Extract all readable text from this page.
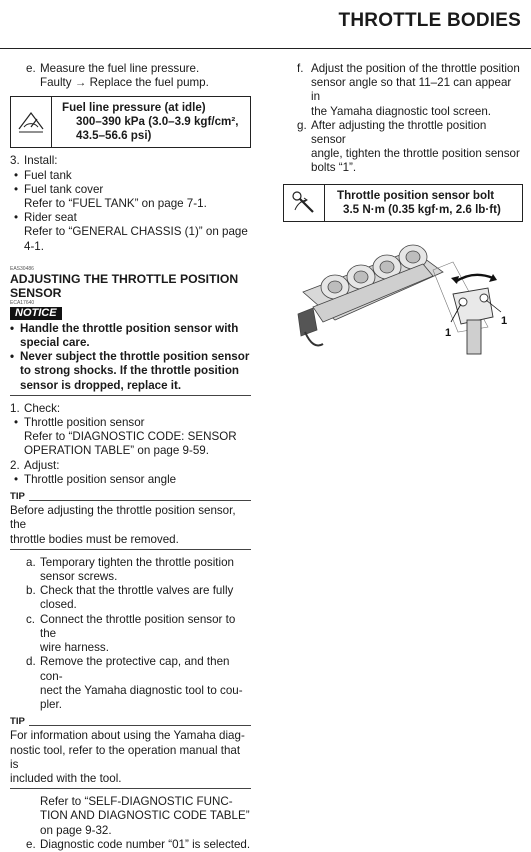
THROTTLE BODIES
e. Measure the fuel line pressure.
Faulty → Replace the fuel pump.
Fuel line pressure (at idle)
300–390 kPa (3.0–3.9 kgf/cm²,
43.5–56.6 psi)
3. Install:
• Fuel tank
• Fuel tank cover
Refer to “FUEL TANK” on page 7-1.
• Rider seat
Refer to “GENERAL CHASSIS (1)” on page
4-1.
EAS30486
ADJUSTING THE THROTTLE POSITION
SENSOR
ECA17640
NOTICE
• Handle the throttle position sensor with
special care.
• Never subject the throttle position sensor
to strong shocks. If the throttle position
sensor is dropped, replace it.
1. Check:
• Throttle position sensor
Refer to “DIAGNOSTIC CODE: SENSOR
OPERATION TABLE” on page 9-59.
2. Adjust:
• Throttle position sensor angle
TIP
Before adjusting the throttle position sensor, the
throttle bodies must be removed.
a. Temporary tighten the throttle position
sensor screws.
b. Check that the throttle valves are fully
closed.
c. Connect the throttle position sensor to the
wire harness.
d. Remove the protective cap, and then con-
nect the Yamaha diagnostic tool to cou-
pler.
TIP
For information about using the Yamaha diag-
nostic tool, refer to the operation manual that is
included with the tool.
Refer to “SELF-DIAGNOSTIC FUNC-
TION AND DIAGNOSTIC CODE TABLE”
on page 9-32.
e. Diagnostic code number “01” is selected.
f. Adjust the position of the throttle position
sensor angle so that 11–21 can appear in
the Yamaha diagnostic tool screen.
g. After adjusting the throttle position sensor
angle, tighten the throttle position sensor
bolts “1”.
Throttle position sensor bolt
3.5 N·m (0.35 kgf·m, 2.6 lb·ft)
1
1
